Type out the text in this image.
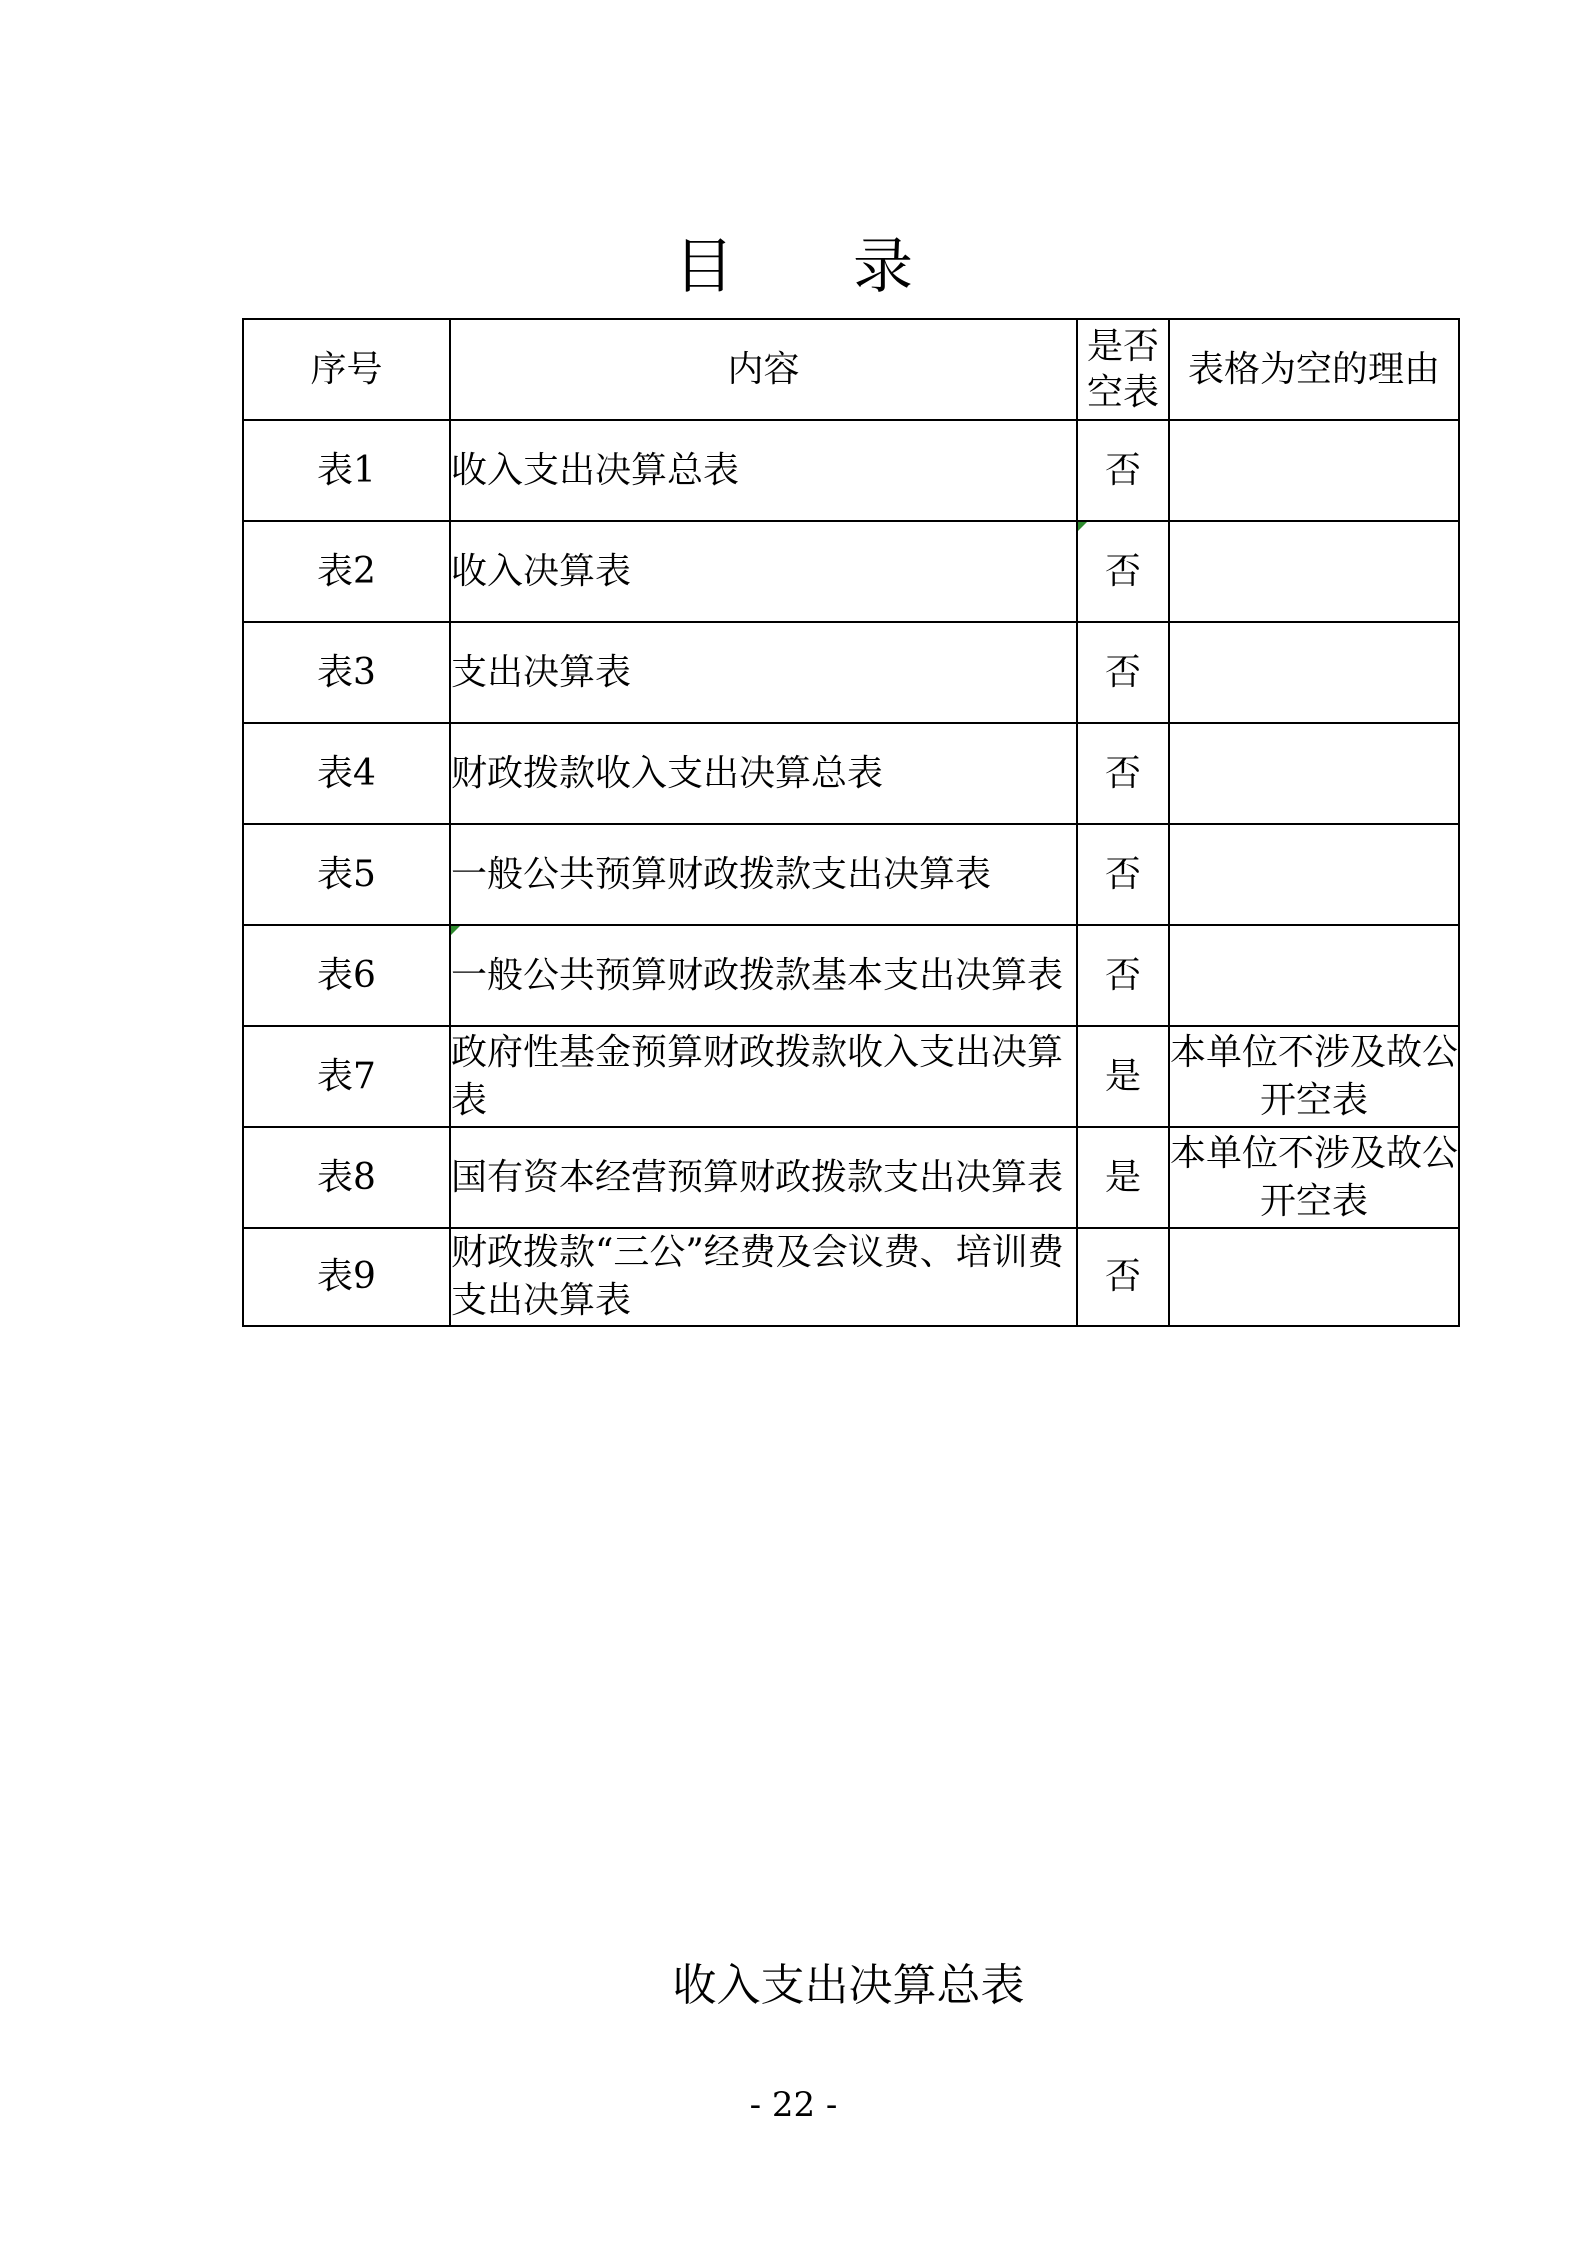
目 录
序号	内容	是否空表	表格为空的理由
表1	收入支出决算总表	否	
表2	收入决算表	否	
表3	支出决算表	否	
表4	财政拨款收入支出决算总表	否	
表5	一般公共预算财政拨款支出决算表	否	
表6	一般公共预算财政拨款基本支出决算表	否	
表7	政府性基金预算财政拨款收入支出决算表	是	本单位不涉及故公开空表

表8	国有资本经营预算财政拨款支出决算表	是	本单位不涉及故公开空表

表9	财政拨款“三公”经费及会议费、培训费支出决算表	否	
收入支出决算总表
- 22 -
